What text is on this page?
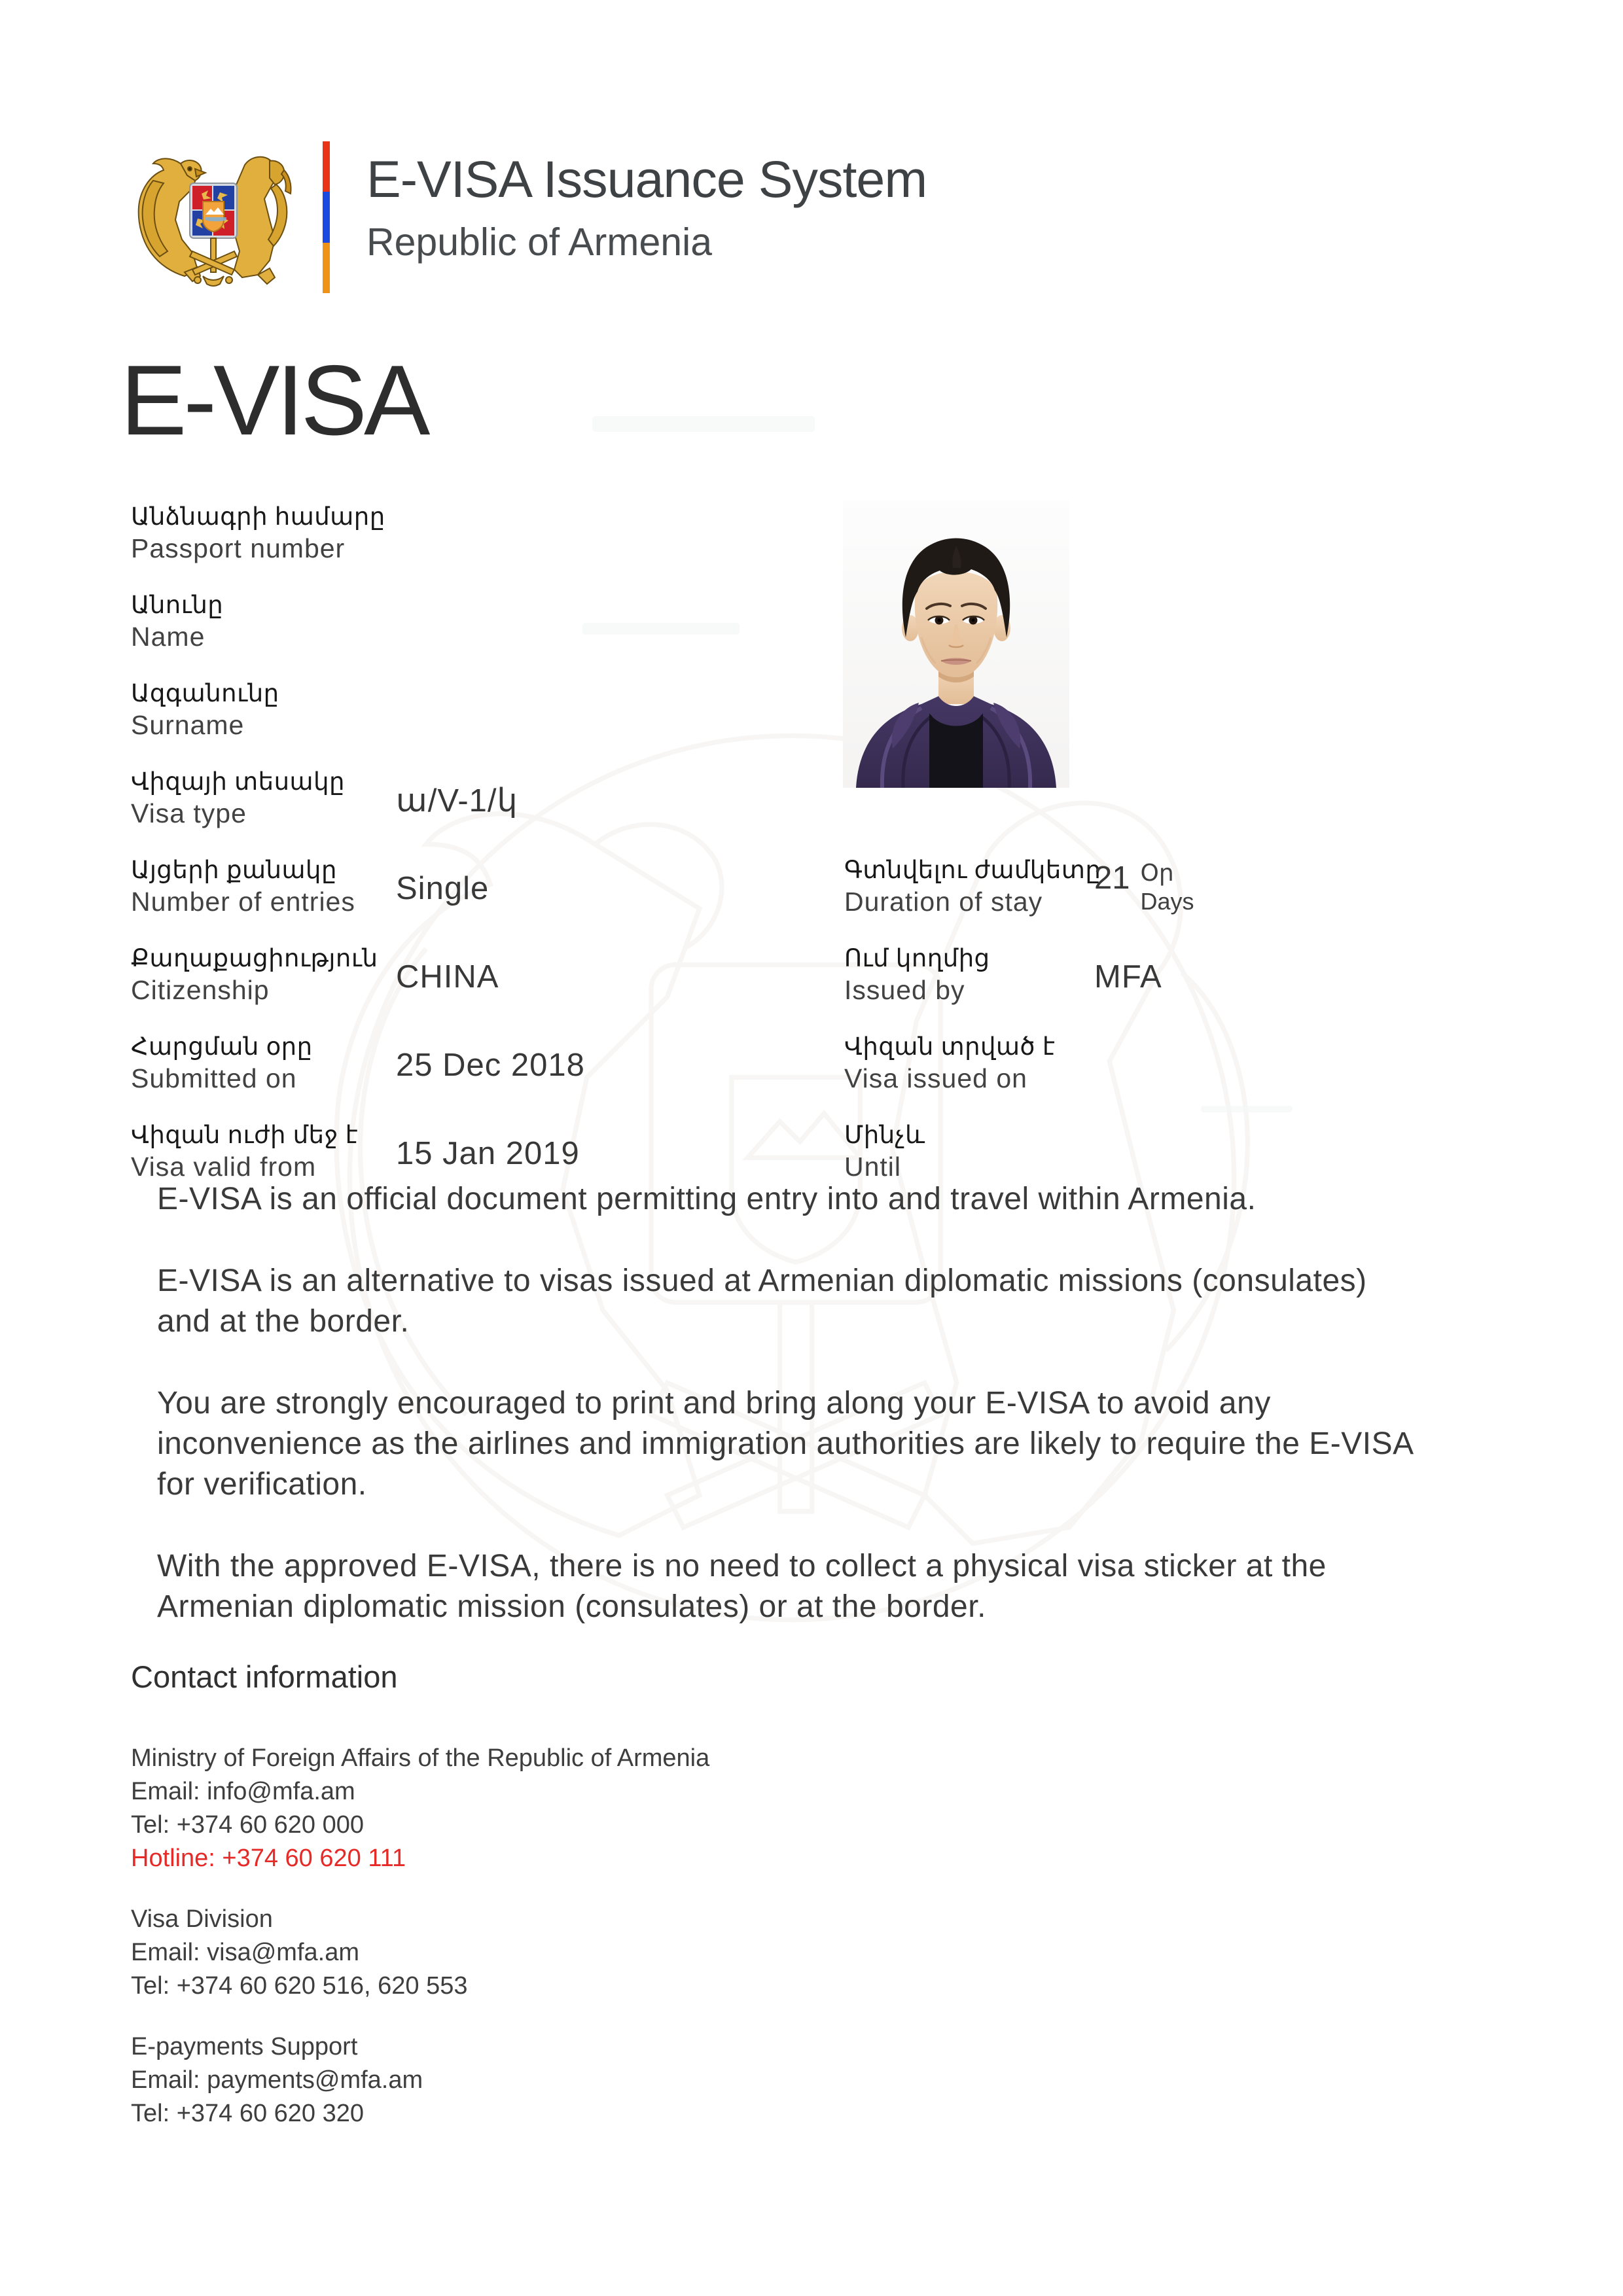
E-VISA Issuance System
Republic of Armenia
E-VISA
Անձնագրի համարը
Passport number
Անունը
Name
Ազգանունը
Surname
Վիզայի տեսակը
Visa type	ա/V-1/կ
Այցերի քանակը
Number of entries	Single
Քաղաքացիություն
Citizenship	CHINA
Հարցման օրը
Submitted on	25 Dec 2018
Վիզան ուժի մեջ է
Visa valid from	15 Jan 2019
Գտնվելու ժամկետը
Duration of stay
21 Օր
Days
Ում կողմից
Issued by	MFA
Վիզան տրված է
Visa issued on
Մինչև
Until

E-VISA is an official document permitting entry into and travel within Armenia.

E-VISA is an alternative to visas issued at Armenian diplomatic missions (consulates) and at the border.

You are strongly encouraged to print and bring along your E-VISA to avoid any inconvenience as the airlines and immigration authorities are likely to require the E-VISA for verification.

With the approved E-VISA, there is no need to collect a physical visa sticker at the Armenian diplomatic mission (consulates) or at the border.

Contact information
Ministry of Foreign Affairs of the Republic of Armenia
Email: info@mfa.am
Tel: +374 60 620 000
Hotline: +374 60 620 111
Visa Division
Email: visa@mfa.am
Tel: +374 60 620 516, 620 553
E-payments Support
Email: payments@mfa.am
Tel: +374 60 620 320
